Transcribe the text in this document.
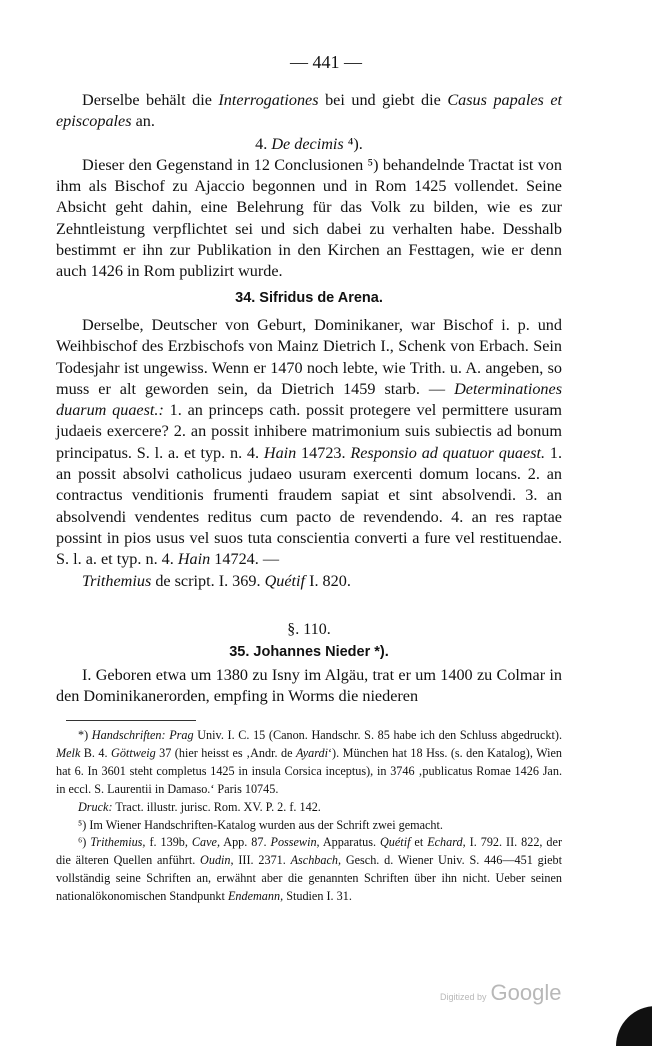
— 441 —

Derselbe behält die Interrogationes bei und giebt die Casus papales et episcopales an.

4. De decimis ⁴).

Dieser den Gegenstand in 12 Conclusionen ⁵) behandelnde Tractat ist von ihm als Bischof zu Ajaccio begonnen und in Rom 1425 vollendet. Seine Absicht geht dahin, eine Belehrung für das Volk zu bilden, wie es zur Zehntleistung verpflichtet sei und sich dabei zu verhalten habe. Desshalb bestimmt er ihn zur Publikation in den Kirchen an Festtagen, wie er denn auch 1426 in Rom publizirt wurde.

34. Sifridus de Arena.

Derselbe, Deutscher von Geburt, Dominikaner, war Bischof i. p. und Weihbischof des Erzbischofs von Mainz Dietrich I., Schenk von Erbach. Sein Todesjahr ist ungewiss. Wenn er 1470 noch lebte, wie Trith. u. A. angeben, so muss er alt geworden sein, da Dietrich 1459 starb. — Determinationes duarum quaest.: 1. an princeps cath. possit protegere vel permittere usuram judaeis exercere? 2. an possit inhibere matrimonium suis subiectis ad bonum principatus. S. l. a. et typ. n. 4. Hain 14723. Responsio ad quatuor quaest. 1. an possit absolvi catholicus judaeo usuram exercenti domum locans. 2. an contractus venditionis frumenti fraudem sapiat et sint absolvendi. 3. an absolvendi vendentes reditus cum pacto de revendendo. 4. an res raptae possint in pios usus vel suos tuta conscientia converti a fure vel restituendae. S. l. a. et typ. n. 4. Hain 14724. —

Trithemius de script. I. 369. Quétif I. 820.

§. 110.
35. Johannes Nieder *).

I. Geboren etwa um 1380 zu Isny im Algäu, trat er um 1400 zu Colmar in den Dominikanerorden, empfing in Worms die niederen

*) Handschriften: Prag Univ. I. C. 15 (Canon. Handschr. S. 85 habe ich den Schluss abgedruckt). Melk B. 4. Göttweig 37 (hier heisst es ‚Andr. de Ayardi‘). München hat 18 Hss. (s. den Katalog), Wien hat 6. In 3601 steht completus 1425 in insula Corsica inceptus), in 3746 ‚publicatus Romae 1426 Jan. in eccl. S. Laurentii in Damaso.‘ Paris 10745.

Druck: Tract. illustr. jurisc. Rom. XV. P. 2. f. 142.

⁵) Im Wiener Handschriften-Katalog wurden aus der Schrift zwei gemacht.

⁶) Trithemius, f. 139b, Cave, App. 87. Possewin, Apparatus. Quétif et Echard, I. 792. II. 822, der die älteren Quellen anführt. Oudin, III. 2371. Aschbach, Gesch. d. Wiener Univ. S. 446—451 giebt vollständig seine Schriften an, erwähnt aber die genannten Schriften über ihn nicht. Ueber seinen nationalökonomischen Standpunkt Endemann, Studien I. 31.

Digitized by Google
